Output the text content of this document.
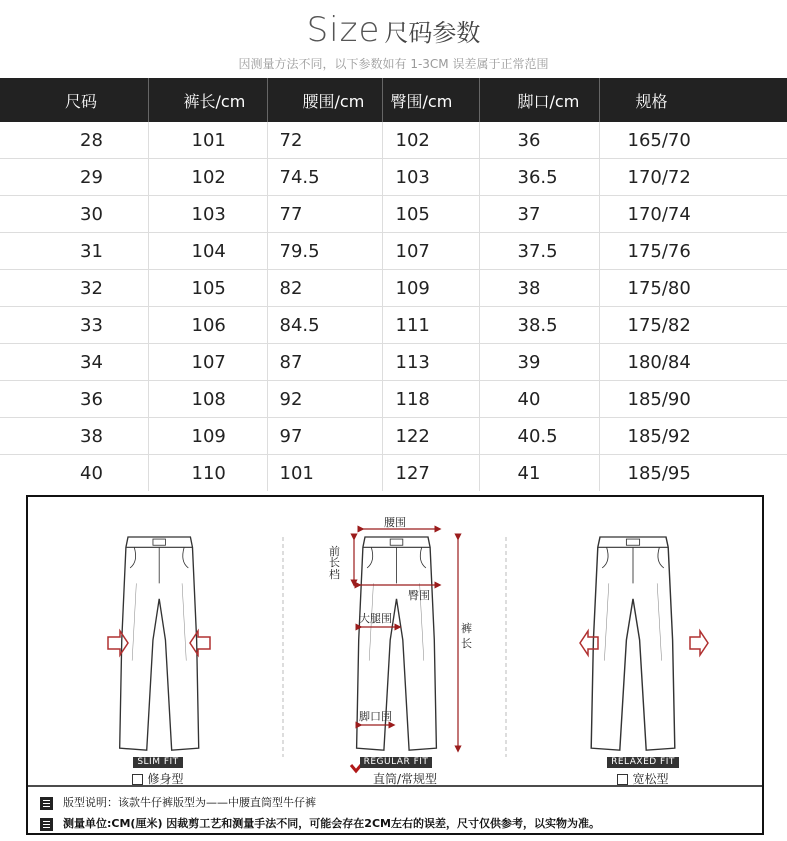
Size 尺码参数
因测量方法不同，以下参数如有 1-3CM 误差属于正常范围
尺码	裤长/cm	腰围/cm	臀围/cm	脚口/cm	规格
28	101	72	102	36	165/70
29	102	74.5	103	36.5	170/72
30	103	77	105	37	170/74
31	104	79.5	107	37.5	175/76
32	105	82	109	38	175/80
33	106	84.5	111	38.5	175/82
34	107	87	113	39	180/84
36	108	92	118	40	185/90
38	109	97	122	40.5	185/92
40	110	101	127	41	185/95
腰围
前
长档
臀围
大腿围
裤
长
脚口围
SLIM FIT
修身型
REGULAR FIT
直筒/常规型
RELAXED FIT
宽松型
版型说明：该款牛仔裤版型为——中腰直筒型牛仔裤
测量单位:CM(厘米) 因裁剪工艺和测量手法不同，可能会存在2CM左右的误差，尺寸仅供参考，以实物为准。
